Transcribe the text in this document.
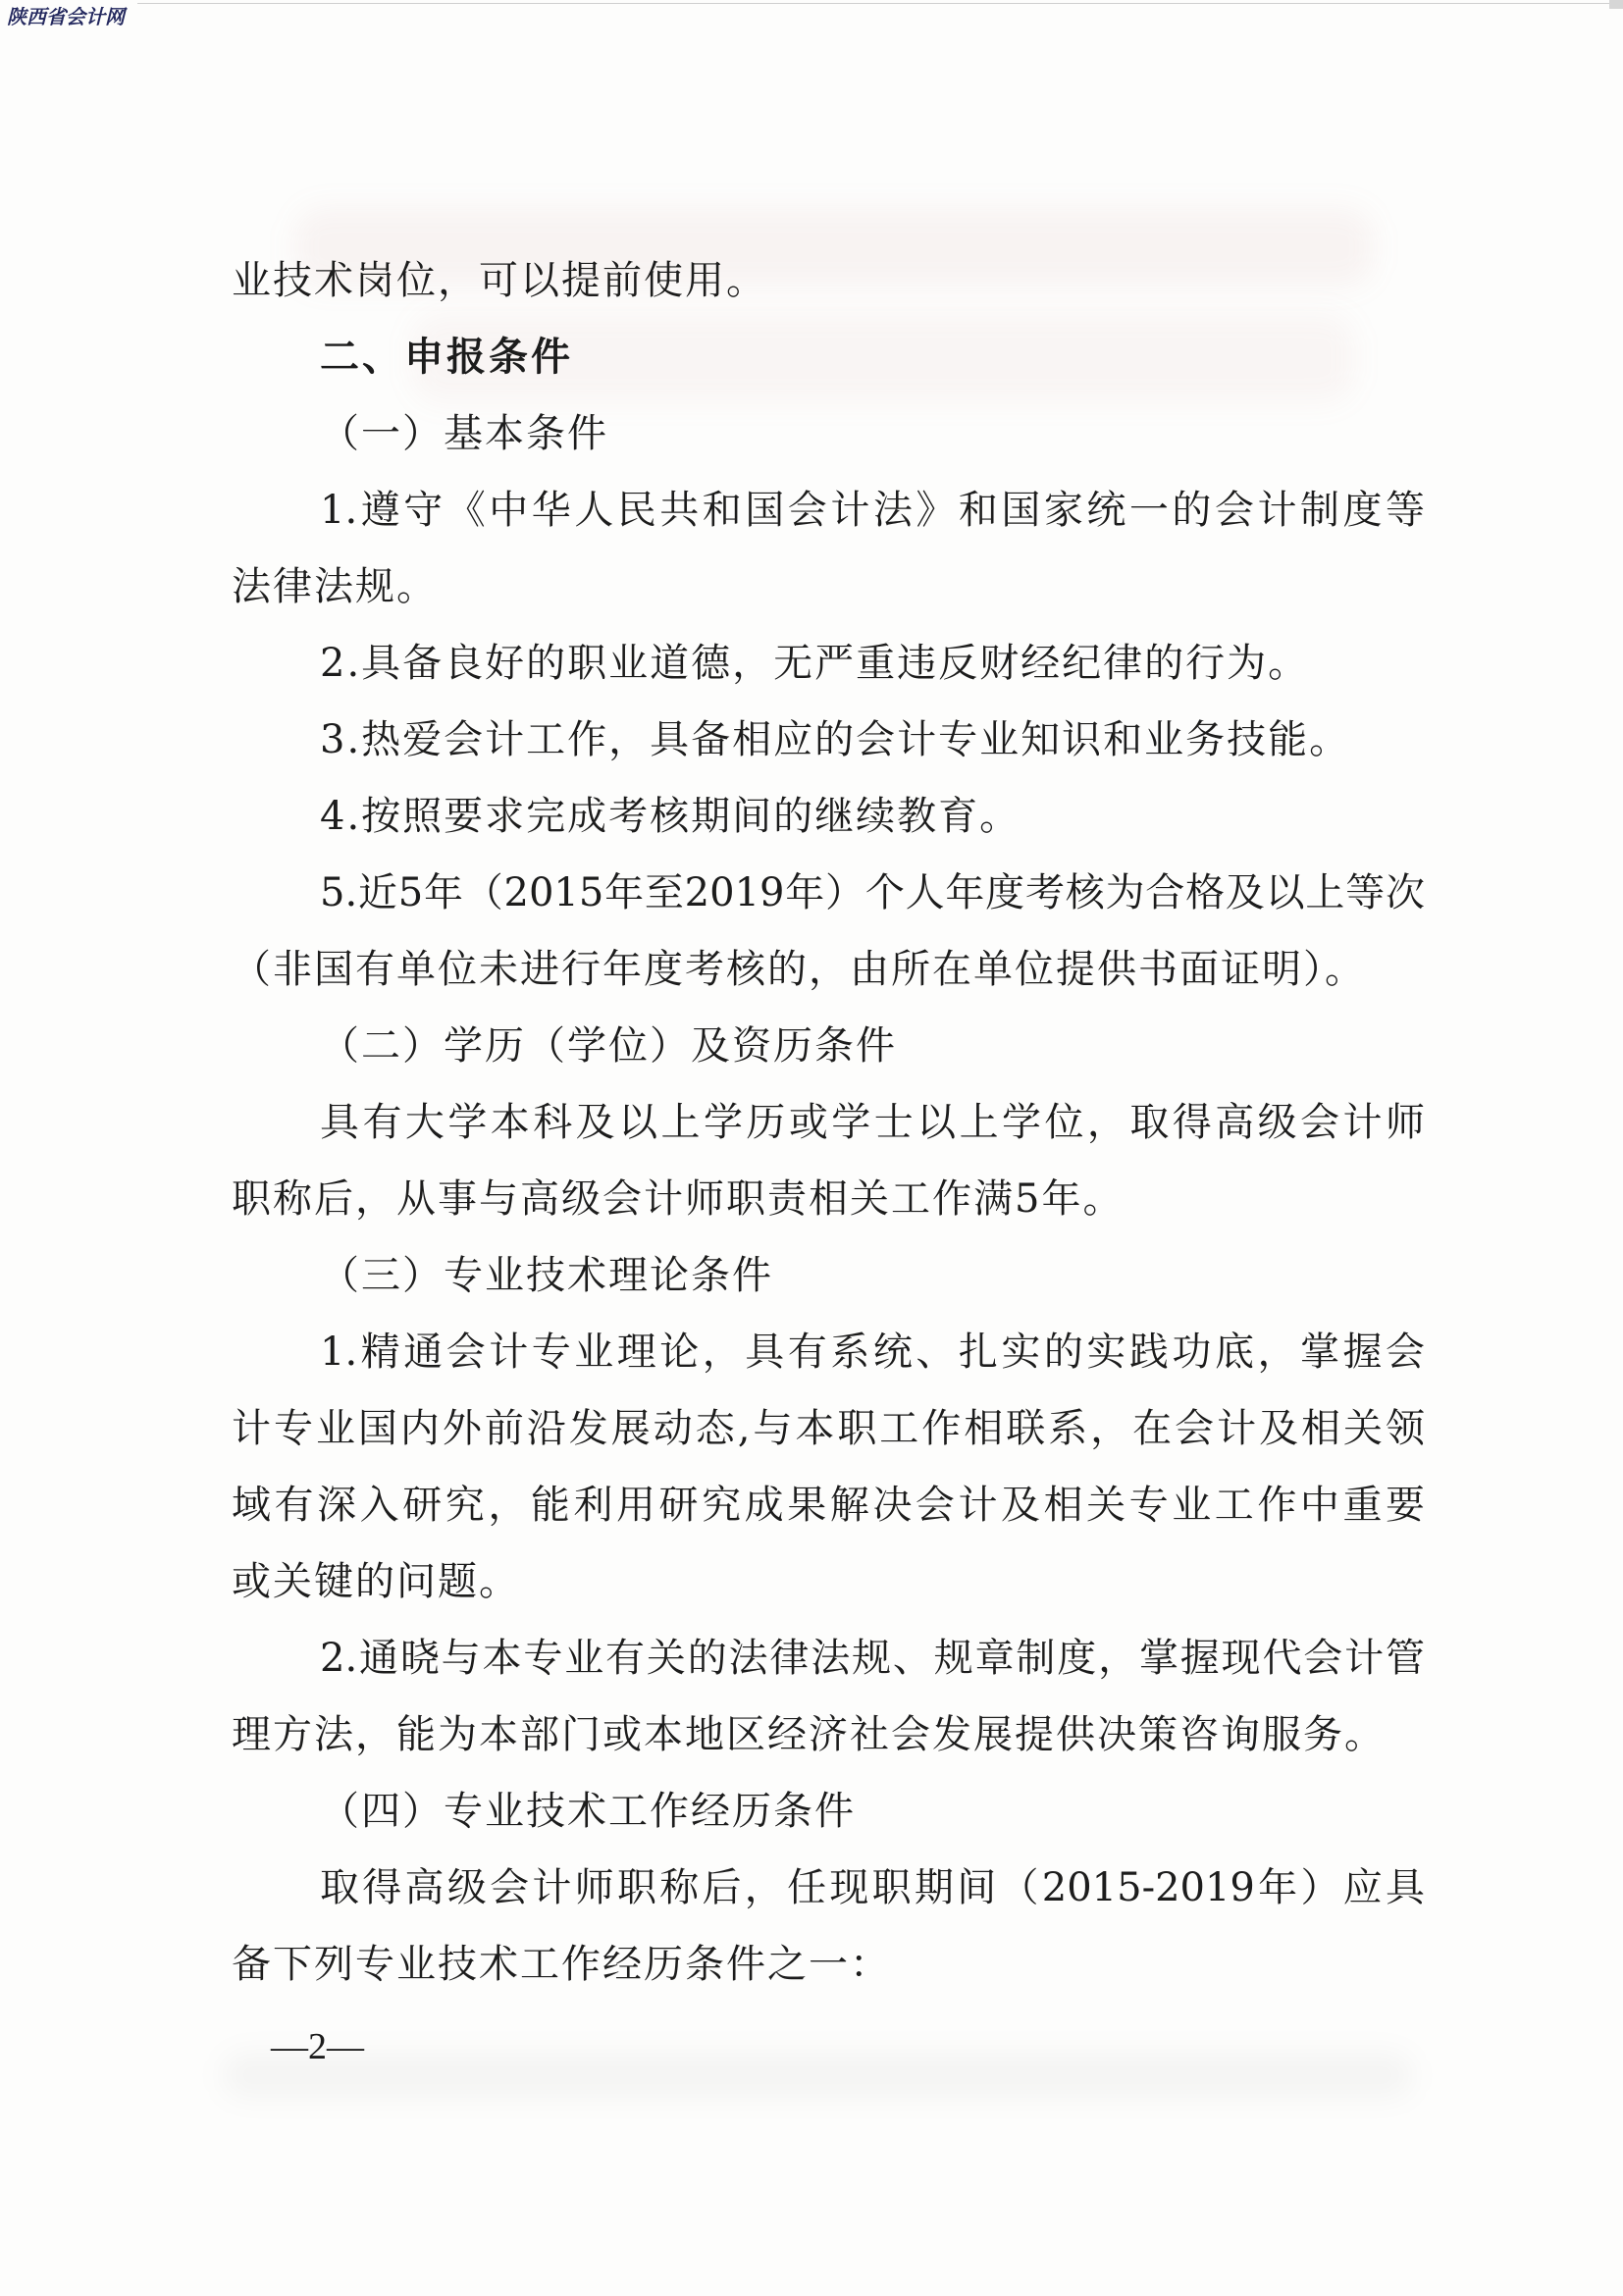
陕西省会计网
业技术岗位，可以提前使用。
二、申报条件
（一）基本条件
1.遵守《中华人民共和国会计法》和国家统一的会计制度等
法律法规。
2.具备良好的职业道德，无严重违反财经纪律的行为。
3.热爱会计工作，具备相应的会计专业知识和业务技能。
4.按照要求完成考核期间的继续教育。
5.近5年（2015年至2019年）个人年度考核为合格及以上等次
（非国有单位未进行年度考核的，由所在单位提供书面证明）。
（二）学历（学位）及资历条件
具有大学本科及以上学历或学士以上学位，取得高级会计师
职称后，从事与高级会计师职责相关工作满5年。
（三）专业技术理论条件
1.精通会计专业理论，具有系统、扎实的实践功底，掌握会
计专业国内外前沿发展动态,与本职工作相联系，在会计及相关领
域有深入研究，能利用研究成果解决会计及相关专业工作中重要
或关键的问题。
2.通晓与本专业有关的法律法规、规章制度，掌握现代会计管
理方法，能为本部门或本地区经济社会发展提供决策咨询服务。
（四）专业技术工作经历条件
取得高级会计师职称后，任现职期间（2015-2019年）应具
备下列专业技术工作经历条件之一：
—2—
